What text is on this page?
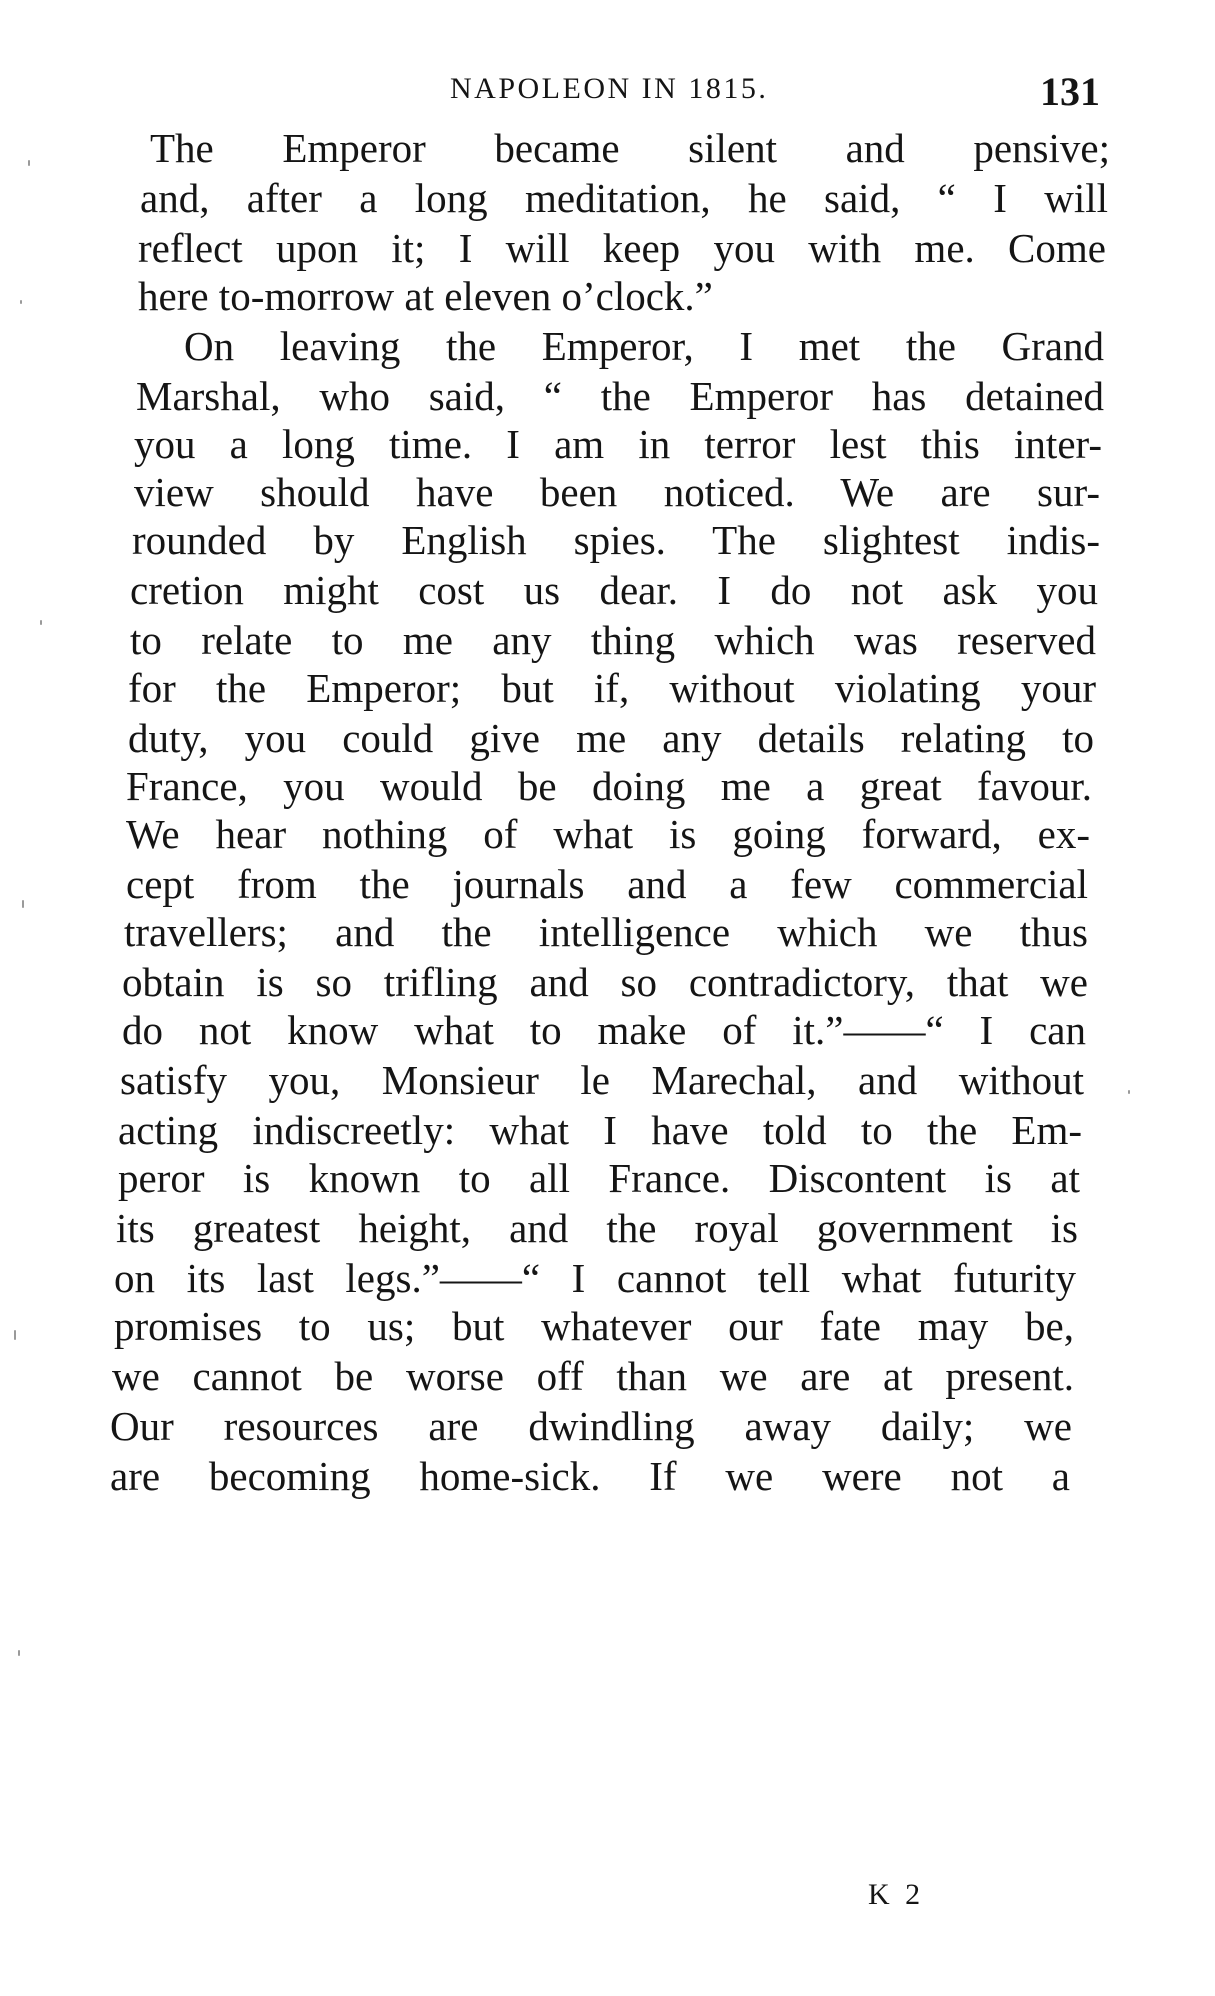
NAPOLEON IN 1815.	131
The Emperor became silent and pensive;
and, after a long meditation, he said, “ I will
reflect upon it; I will keep you with me. Come
here to-morrow at eleven o’clock.”
On leaving the Emperor, I met the Grand
Marshal, who said, “ the Emperor has detained
you a long time. I am in terror lest this inter-
view should have been noticed. We are sur-
rounded by English spies. The slightest indis-
cretion might cost us dear. I do not ask you
to relate to me any thing which was reserved
for the Emperor; but if, without violating your
duty, you could give me any details relating to
France, you would be doing me a great favour.
We hear nothing of what is going forward, ex-
cept from the journals and a few commercial
travellers; and the intelligence which we thus
obtain is so trifling and so contradictory, that we
do not know what to make of it.”——“ I can
satisfy you, Monsieur le Marechal, and without
acting indiscreetly: what I have told to the Em-
peror is known to all France. Discontent is at
its greatest height, and the royal government is
on its last legs.”——“ I cannot tell what futurity
promises to us; but whatever our fate may be,
we cannot be worse off than we are at present.
Our resources are dwindling away daily; we
are becoming home-sick. If we were not a
K 2
